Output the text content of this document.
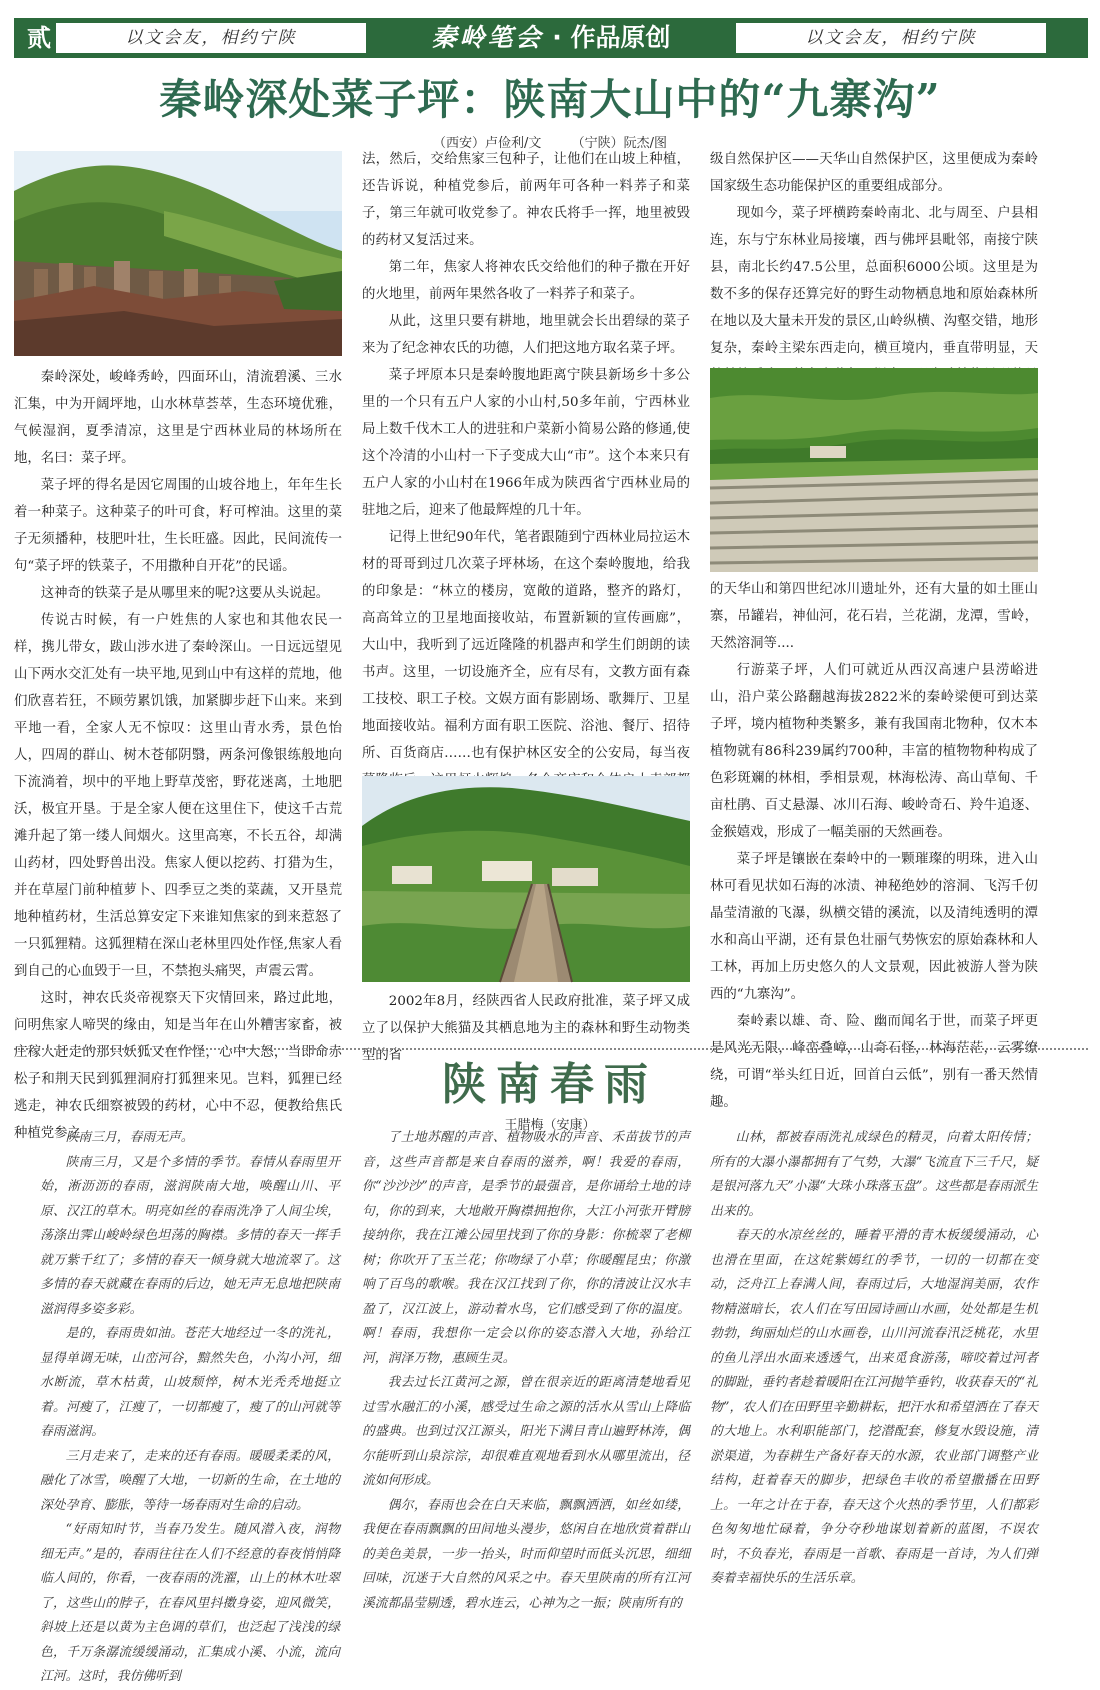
贰	以文会友，相约宁陕	秦岭笔会 · 作品原创	以文会友，相约宁陕
秦岭深处菜子坪：陕南大山中的“九寨沟”
（西安）卢俭利/文 （宁陕）阮杰/图

秦岭深处，峻峰秀岭，四面环山，清流碧溪、三水汇集，中为开阔坪地，山水林草荟萃，生态环境优雅，气候湿润，夏季清凉，这里是宁西林业局的林场所在地，名曰：菜子坪。

菜子坪的得名是因它周围的山坡谷地上，年年生长着一种菜子。这种菜子的叶可食，籽可榨油。这里的菜子无须播种，枝肥叶壮，生长旺盛。因此，民间流传一句“菜子坪的铁菜子，不用撒种自开花”的民谣。

这神奇的铁菜子是从哪里来的呢?这要从头说起。

传说古时候，有一户姓焦的人家也和其他农民一样，携儿带女，跋山涉水进了秦岭深山。一日远远望见山下两水交汇处有一块平地,见到山中有这样的荒地，他们欣喜若狂，不顾劳累饥饿，加紧脚步赶下山来。来到平地一看，全家人无不惊叹：这里山青水秀，景色怡人，四周的群山、树木苍郁阴翳，两条河像银练般地向下流淌着，坝中的平地上野草茂密，野花迷离，土地肥沃，极宜开垦。于是全家人便在这里住下，使这千古荒滩升起了第一缕人间烟火。这里高寒，不长五谷，却满山药材，四处野兽出没。焦家人便以挖药、打猎为生，并在草屋门前种植萝卜、四季豆之类的菜蔬，又开垦荒地种植药材，生活总算安定下来谁知焦家的到来惹怒了一只狐狸精。这狐狸精在深山老林里四处作怪,焦家人看到自己的心血毁于一旦，不禁抱头痛哭，声震云霄。

这时，神农氏炎帝视察天下灾情回来，路过此地，问明焦家人啼哭的缘由，知是当年在山外糟害家畜，被庄稼人赶走的那只妖狐又在作怪，心中大怒，当即命赤松子和荆天民到狐狸洞府打狐狸来见。岂料，狐狸已经逃走，神农氏细察被毁的药材，心中不忍，便教给焦氏种植党参之

法，然后，交给焦家三包种子，让他们在山坡上种植，还告诉说，种植党参后，前两年可各种一料荞子和菜子，第三年就可收党参了。神农氏将手一挥，地里被毁的药材又复活过来。

第二年，焦家人将神农氏交给他们的种子撒在开好的火地里，前两年果然各收了一料荞子和菜子。

从此，这里只要有耕地，地里就会长出碧绿的菜子来为了纪念神农氏的功德，人们把这地方取名菜子坪。

菜子坪原本只是秦岭腹地距离宁陕县新场乡十多公里的一个只有五户人家的小山村,50多年前，宁西林业局上数千伐木工人的进驻和户菜新小简易公路的修通,使这个冷清的小山村一下子变成大山“市”。这个本来只有五户人家的小山村在1966年成为陕西省宁西林业局的驻地之后，迎来了他最辉煌的几十年。

记得上世纪90年代，笔者跟随到宁西林业局拉运木材的哥哥到过几次菜子坪林场，在这个秦岭腹地，给我的印象是：“林立的楼房，宽敞的道路，整齐的路灯，高高耸立的卫星地面接收站，布置新颖的宣传画廊”，大山中，我听到了远近隆隆的机器声和学生们朗朗的读书声。这里，一切设施齐全，应有尽有，文教方面有森工技校、职工子校。文娱方面有影剧场、歌舞厅、卫星地面接收站。福利方面有职工医院、浴池、餐厅、招待所、百货商店……也有保护林区安全的公安局，每当夜

2002年8月，经陕西省人民政府批准，菜子坪又成立了以保护大熊猫及其栖息地为主的森林和野生动物类型的省

级自然保护区——天华山自然保护区，这里便成为秦岭国家级生态功能保护区的重要组成部分。

现如今，菜子坪横跨秦岭南北、北与周至、户县相连，东与宁东林业局接壤，西与佛坪县毗邻，南接宁陕县，南北长约47.5公里，总面积6000公顷。这里是为数不多的保存还算完好的野生动物栖息地和原始森林所在地以及大量未开发的景区,山岭纵横、沟壑交错，地形复杂，秦岭主梁东西走向，横亘境内，垂直带明显，天

的天华山和第四世纪冰川遗址外，还有大量的如土匪山寨，吊罐岩，神仙河，花石岩，兰花湖，龙潭，雪岭，天然溶洞等....

行游菜子坪，人们可就近从西汉高速户县涝峪进山，沿户菜公路翻越海拔2822米的秦岭梁便可到达菜子坪，境内植物种类繁多，兼有我国南北物种，仅木本植物就有86科239属约700种，丰富的植物物种构成了色彩斑斓的林相，季相景观，林海松涛、高山草甸、千亩杜鹃、百丈悬瀑、冰川石海、峻岭奇石、羚牛追逐、金猴嬉戏，形成了一幅美丽的天然画卷。

菜子坪是镶嵌在秦岭中的一颗璀璨的明珠，进入山林可看见状如石海的冰渍、神秘绝妙的溶洞、飞泻千仞晶莹清澈的飞瀑，纵横交错的溪流，以及清纯透明的潭水和高山平湖，还有景色壮丽气势恢宏的原始森林和人工林，再加上历史悠久的人文景观，因此被游人誉为陕西的“九寨沟”。

秦岭素以雄、奇、险、幽而闻名于世，而菜子坪更是风光无限，峰峦叠嶂，山奇石怪，林海茫茫，云雾缭绕，可谓“举头红日近，回首白云低”，别有一番天然情趣。

陕南春雨
王腊梅（安康）

陕南三月，春雨无声。

陕南三月，又是个多情的季节。春情从春雨里开始，淅沥沥的春雨，滋润陕南大地，唤醒山川、平原、汉江的草木。明亮如丝的春雨洗净了人间尘埃，荡涤出霁山峻岭绿色坦荡的胸襟。多情的春天一挥手就万紫千红了；多情的春天一倾身就大地流翠了。这多情的春天就藏在春雨的后边，她无声无息地把陕南滋润得多姿多彩。

是的，春雨贵如油。苍茫大地经过一冬的洗礼，显得单调无味，山峦河谷，黯然失色，小沟小河，细水断流，草木枯黄，山坡颓悴，树木光秃秃地挺立着。河瘦了，江瘦了，一切都瘦了，瘦了的山河就等春雨滋润。

三月走来了，走来的还有春雨。暖暖柔柔的风，融化了冰雪，唤醒了大地，一切新的生命，在土地的深处孕育、膨胀，等待一场春雨对生命的启动。

“好雨知时节，当春乃发生。随风潜入夜，润物细无声。”是的，春雨往往在人们不经意的春夜悄悄降临人间的，你看，一夜春雨的洗濯，山上的林木吐翠了，这些山的脖子，在春风里抖擞身姿，迎风微笑，斜坡上还是以黄为主色调的草们，也泛起了浅浅的绿色，千万条潺流缓缓涌动，汇集成小溪、小流，流向江河。这时，我仿佛听到

了土地苏醒的声音、植物吸水的声音、禾苗拔节的声音，这些声音都是来自春雨的滋养，啊！我爱的春雨，你“沙沙沙”的声音，是季节的最强音，是你诵给土地的诗句，你的到来，大地敞开胸襟拥抱你，大江小河张开臂膀接纳你，我在江滩公园里找到了你的身影：你梳翠了老柳树；你吹开了玉兰花；你吻绿了小草；你暖醒昆虫；你激响了百鸟的歌喉。我在汉江找到了你，你的清波让汉水丰盈了，汉江波上，游动着水鸟，它们感受到了你的温度。啊！春雨，我想你一定会以你的姿态潜入大地，孙给江河，润泽万物，惠顾生灵。

我去过长江黄河之源，曾在很亲近的距离清楚地看见过雪水融汇的小溪，感受过生命之源的活水从雪山上降临的盛典。也到过汉江源头，阳光下满目青山遍野林涛，偶尔能听到山泉淙淙，却很难直观地看到水从哪里流出，径流如何形成。

偶尔，春雨也会在白天来临，飘飘洒洒，如丝如缕，我便在春雨飘飘的田间地头漫步，悠闲自在地欣赏着群山的美色美景，一步一抬头，时而仰望时而低头沉思，细细回味，沉迷于大自然的风采之中。春天里陕南的所有江河溪流都晶莹剔透，碧水连云，心神为之一振；陕南所有的

山林，都被春雨洗礼成绿色的精灵，向着太阳传情；所有的大瀑小瀑都拥有了气势，大瀑“飞流直下三千尺，疑是银河落九天”小瀑“大珠小珠落玉盘”。这些都是春雨派生出来的。

春天的水凉丝丝的，睡着平滑的青木板缓缓涌动，心也滑在里面，在这姹紫嫣红的季节，一切的一切都在变动，泛舟江上春满人间，春雨过后，大地湿润美丽，农作物精滋暗长，农人们在写田园诗画山水画，处处都是生机勃勃，绚丽灿烂的山水画卷，山川河流春汛泛桃花，水里的鱼儿浮出水面来透透气，出来觅食游荡，啼咬着过河者的脚趾，垂钓者趁着暖阳在江河抛竿垂钓，收获春天的“礼物”，农人们在田野里辛勤耕耘，把汗水和希望洒在了春天的大地上。水利职能部门，挖潜配套，修复水毁设施，清淤渠道，为春耕生产备好春天的水源，农业部门调整产业结构，赶着春天的脚步，把绿色丰收的希望撒播在田野上。一年之计在于春，春天这个火热的季节里，人们都彩色匆匆地忙碌着，争分夺秒地谋划着新的蓝图，不误农时，不负春光，春雨是一首歌、春雨是一首诗，为人们弹奏着幸福快乐的生活乐章。
